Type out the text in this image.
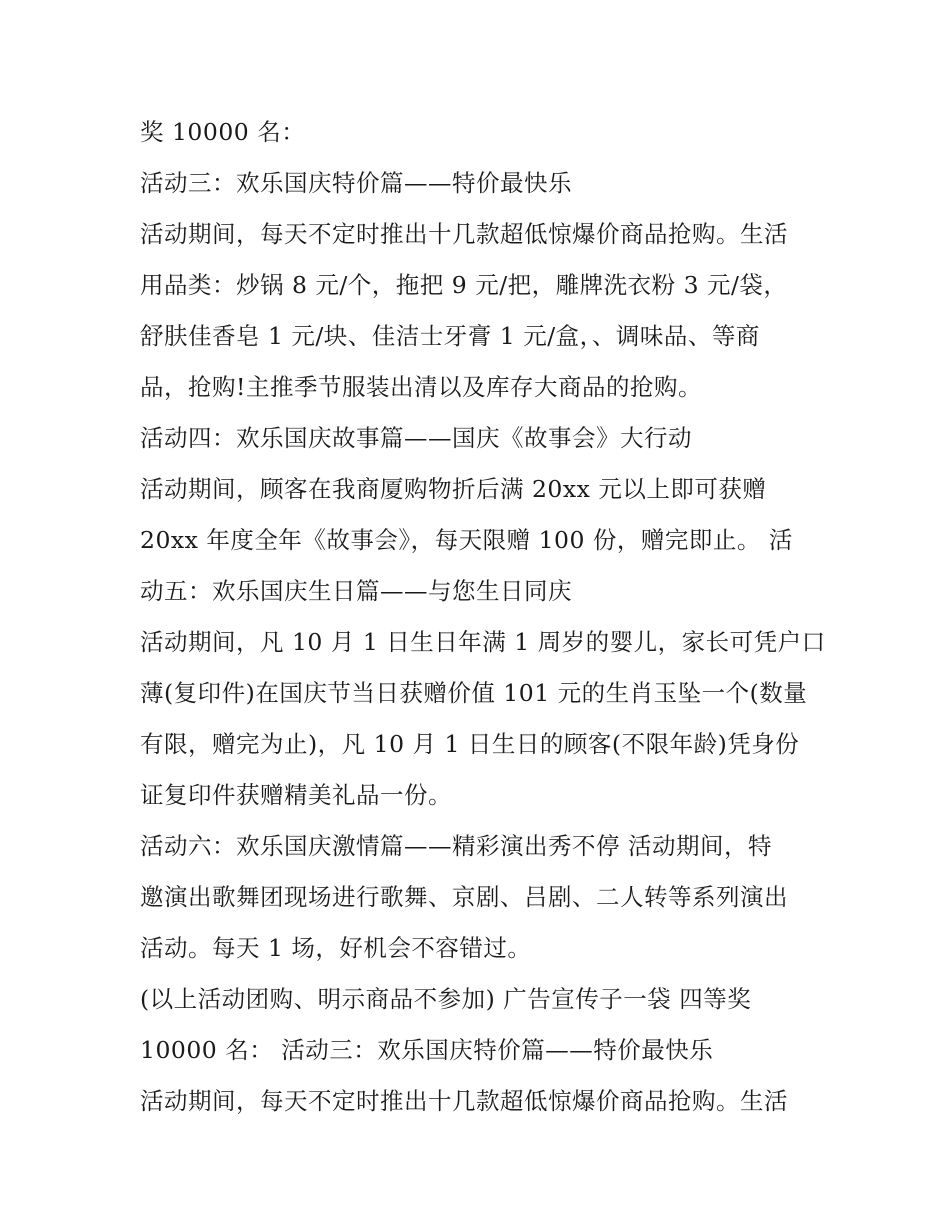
奖 10000 名：
活动三：欢乐国庆特价篇——特价最快乐
活动期间，每天不定时推出十几款超低惊爆价商品抢购。生活
用品类：炒锅 8 元/个，拖把 9 元/把，雕牌洗衣粉 3 元/袋，
舒肤佳香皂 1 元/块、佳洁士牙膏 1 元/盒，、调味品、等商
品，抢购!主推季节服装出清以及库存大商品的抢购。
活动四：欢乐国庆故事篇——国庆《故事会》大行动
活动期间，顾客在我商厦购物折后满 20xx 元以上即可获赠
20xx 年度全年《故事会》，每天限赠 100 份，赠完即止。 活
动五：欢乐国庆生日篇——与您生日同庆
活动期间，凡 10 月 1 日生日年满 1 周岁的婴儿，家长可凭户口
薄(复印件)在国庆节当日获赠价值 101 元的生肖玉坠一个(数量
有限，赠完为止)，凡 10 月 1 日生日的顾客(不限年龄)凭身份
证复印件获赠精美礼品一份。
活动六：欢乐国庆激情篇——精彩演出秀不停 活动期间，特
邀演出歌舞团现场进行歌舞、京剧、吕剧、二人转等系列演出
活动。每天 1 场，好机会不容错过。
(以上活动团购、明示商品不参加) 广告宣传子一袋 四等奖
10000 名： 活动三：欢乐国庆特价篇——特价最快乐
活动期间，每天不定时推出十几款超低惊爆价商品抢购。生活
